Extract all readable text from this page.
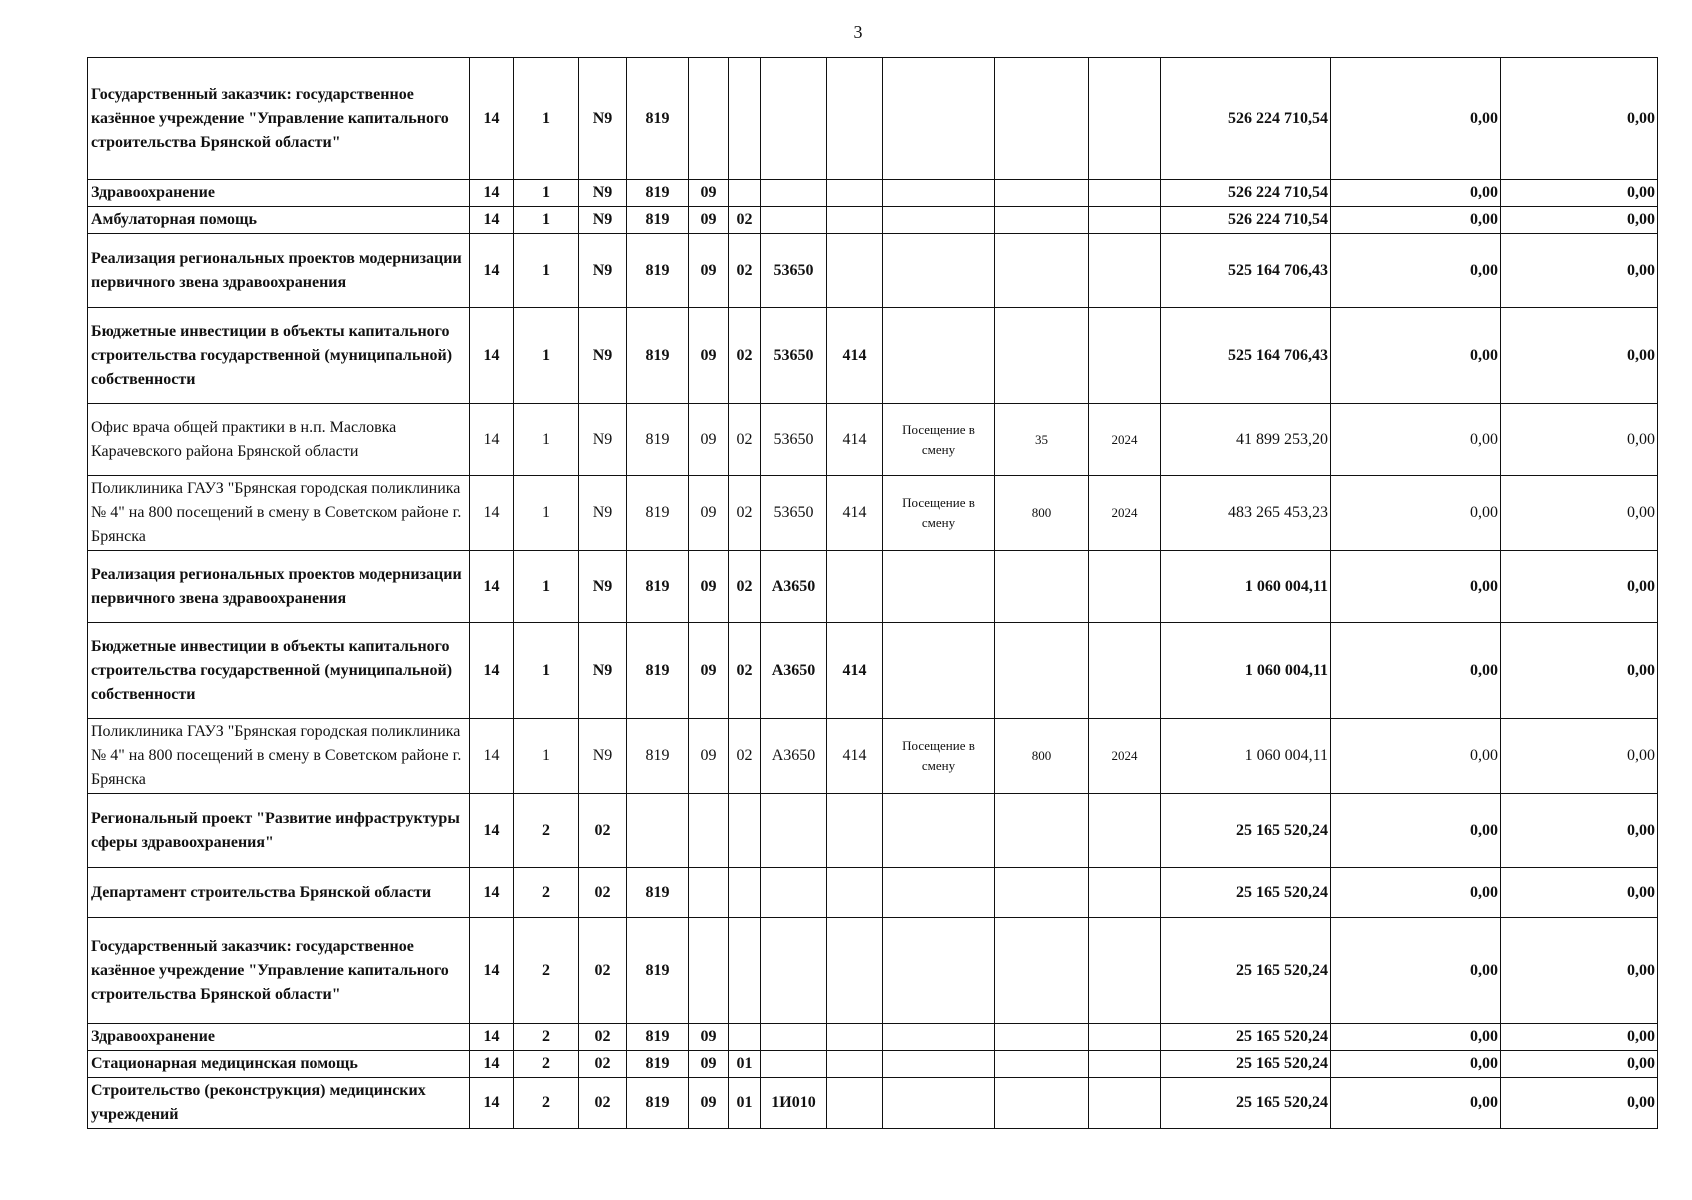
3
Государственный заказчик: государственное казённое учреждение "Управление капитального строительства Брянской области"	14	1	N9	819								526 224 710,54	0,00	0,00
Здравоохранение	14	1	N9	819	09							526 224 710,54	0,00	0,00
Амбулаторная помощь	14	1	N9	819	09	02						526 224 710,54	0,00	0,00
Реализация региональных проектов модернизации первичного звена здравоохранения	14	1	N9	819	09	02	53650					525 164 706,43	0,00	0,00
Бюджетные инвестиции в объекты капитального строительства государственной (муниципальной) собственности	14	1	N9	819	09	02	53650	414				525 164 706,43	0,00	0,00
Офис врача общей практики в н.п. Масловка Карачевского района Брянской области	14	1	N9	819	09	02	53650	414	Посещение в смену	35	2024	41 899 253,20	0,00	0,00
Поликлиника ГАУЗ "Брянская городская поликлиника № 4" на 800 посещений в смену в Советском районе г. Брянска	14	1	N9	819	09	02	53650	414	Посещение в смену	800	2024	483 265 453,23	0,00	0,00
Реализация региональных проектов модернизации первичного звена здравоохранения	14	1	N9	819	09	02	А3650					1 060 004,11	0,00	0,00
Бюджетные инвестиции в объекты капитального строительства государственной (муниципальной) собственности	14	1	N9	819	09	02	А3650	414				1 060 004,11	0,00	0,00
Поликлиника ГАУЗ "Брянская городская поликлиника № 4" на 800 посещений в смену в Советском районе г. Брянска	14	1	N9	819	09	02	А3650	414	Посещение в смену	800	2024	1 060 004,11	0,00	0,00
Региональный проект "Развитие инфраструктуры сферы здравоохранения"	14	2	02									25 165 520,24	0,00	0,00
Департамент строительства Брянской области	14	2	02	819								25 165 520,24	0,00	0,00
Государственный заказчик: государственное казённое учреждение "Управление капитального строительства Брянской области"	14	2	02	819								25 165 520,24	0,00	0,00
Здравоохранение	14	2	02	819	09							25 165 520,24	0,00	0,00
Стационарная медицинская помощь	14	2	02	819	09	01						25 165 520,24	0,00	0,00
Строительство (реконструкция) медицинских учреждений	14	2	02	819	09	01	1И010					25 165 520,24	0,00	0,00
